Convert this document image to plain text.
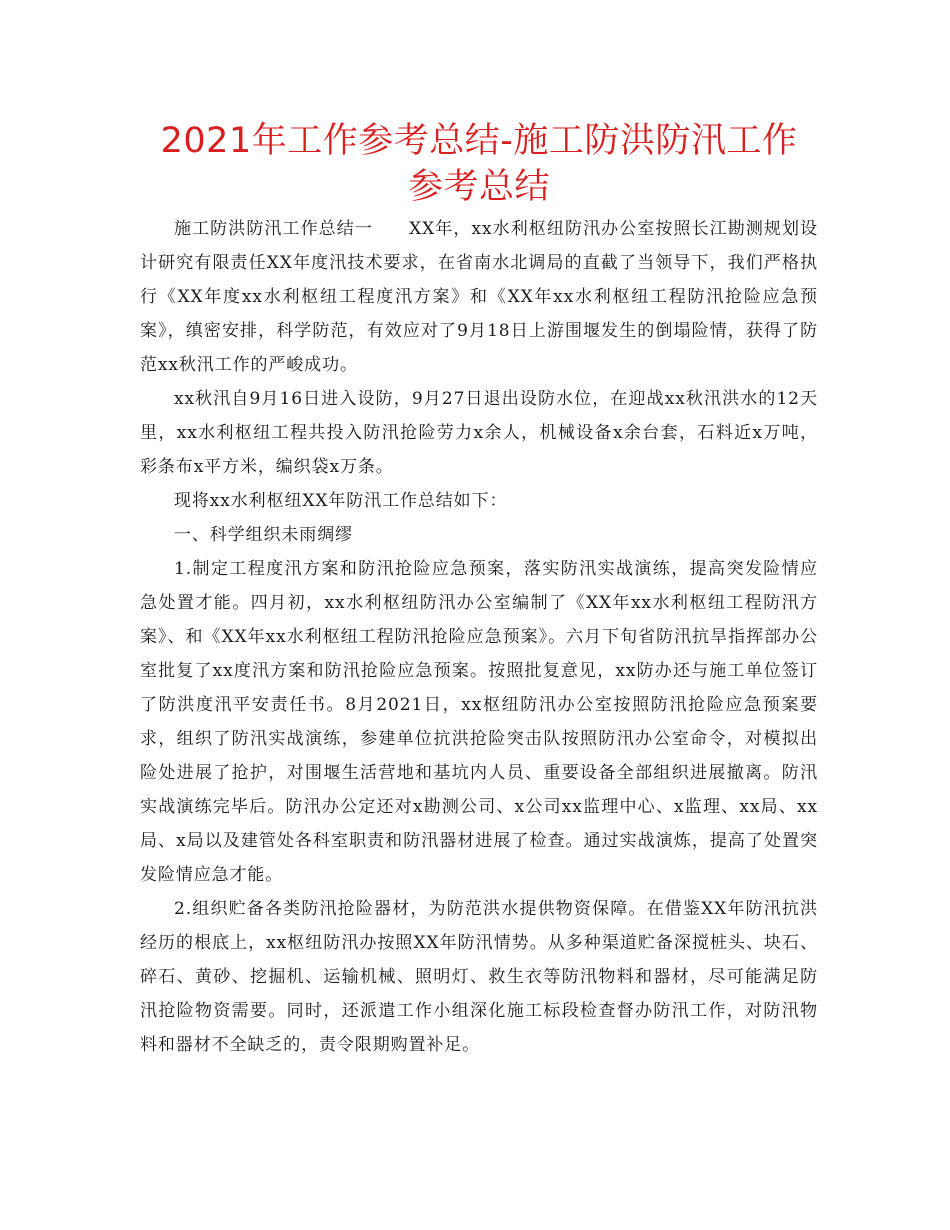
2021年工作参考总结-施工防洪防汛工作参考总结

施工防洪防汛工作总结一　　XX年，xx水利枢纽防汛办公室按照长江勘测规划设计研究有限责任XX年度汛技术要求，在省南水北调局的直截了当领导下，我们严格执行《XX年度xx水利枢纽工程度汛方案》和《XX年xx水利枢纽工程防汛抢险应急预案》，缜密安排，科学防范，有效应对了9月18日上游围堰发生的倒塌险情，获得了防范xx秋汛工作的严峻成功。

xx秋汛自9月16日进入设防，9月27日退出设防水位，在迎战xx秋汛洪水的12天里，xx水利枢纽工程共投入防汛抢险劳力x余人，机械设备x余台套，石料近x万吨，彩条布x平方米，编织袋x万条。

现将xx水利枢纽XX年防汛工作总结如下：

一、科学组织未雨绸缪

1.制定工程度汛方案和防汛抢险应急预案，落实防汛实战演练，提高突发险情应急处置才能。四月初，xx水利枢纽防汛办公室编制了《XX年xx水利枢纽工程防汛方案》、和《XX年xx水利枢纽工程防汛抢险应急预案》。六月下旬省防汛抗旱指挥部办公室批复了xx度汛方案和防汛抢险应急预案。按照批复意见，xx防办还与施工单位签订了防洪度汛平安责任书。8月2021日，xx枢纽防汛办公室按照防汛抢险应急预案要求，组织了防汛实战演练，参建单位抗洪抢险突击队按照防汛办公室命令，对模拟出险处进展了抢护，对围堰生活营地和基坑内人员、重要设备全部组织进展撤离。防汛实战演练完毕后。防汛办公定还对x勘测公司、x公司xx监理中心、x监理、xx局、xx局、x局以及建管处各科室职责和防汛器材进展了检查。通过实战演炼，提高了处置突发险情应急才能。

2.组织贮备各类防汛抢险器材，为防范洪水提供物资保障。在借鉴XX年防汛抗洪经历的根底上，xx枢纽防汛办按照XX年防汛情势。从多种渠道贮备深搅桩头、块石、碎石、黄砂、挖掘机、运输机械、照明灯、救生衣等防汛物料和器材，尽可能满足防汛抢险物资需要。同时，还派遣工作小组深化施工标段检查督办防汛工作，对防汛物料和器材不全缺乏的，责令限期购置补足。
